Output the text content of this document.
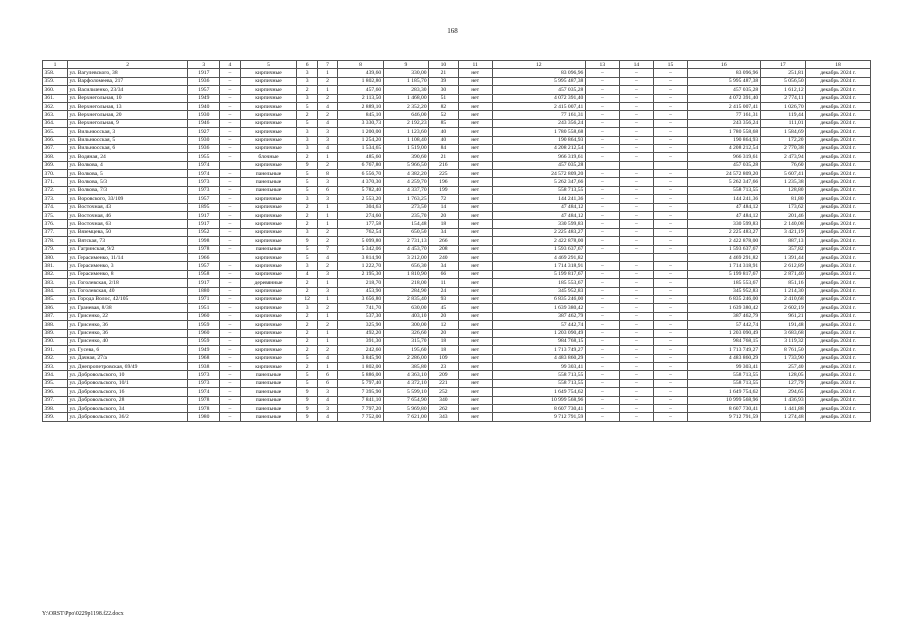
168
1	2	3	4	5	6	7	8	9	10	11	12	13	14	15	16	17	18
358.	ул. Вагулевского, 38	1917	–	кирпичные	3	1	439,60	330,00	21	нет	83 096,96	–	–	–	83 096,96	251,81	декабрь 2024 г.
359.	ул. Варфоломеева, 217	1936	–	кирпичные	3	2	1 802,80	1 185,70	39	нет	5 995 487,38	–	–	–	5 995 487,38	5 056,50	декабрь 2024 г.
360.	ул. Васильченко, 23/34	1957	–	кирпичные	2	1	457,60	283,30	30	нет	457 035,28	–	–	–	457 035,28	1 612,12	декабрь 2024 г.
361.	ул. Верхнегольная, 10	1949	–	кирпичные	3	2	2 113,50	1 468,00	51	нет	4 072 391,40	–	–	–	4 072 391,40	2 774,11	декабрь 2024 г.
362.	ул. Верхнегольная, 13	1940	–	кирпичные	5	4	2 889,10	2 352,20	82	нет	2 415 007,41	–	–	–	2 415 007,41	1 026,70	декабрь 2024 г.
363.	ул. Верхнегольная, 20	1930	–	кирпичные	2	2	845,10	646,00	52	нет	77 161,31	–	–	–	77 161,31	119,44	декабрь 2024 г.
364.	ул. Верхнегольная, 9	1946	–	кирпичные	5	4	3 330,73	2 192,23	85	нет	243 356,24	–	–	–	243 356,24	111,01	декабрь 2024 г.
365.	ул. Вильнюсская, 3	1927	–	кирпичные	3	3	1 200,00	1 123,60	40	нет	1 780 558,68	–	–	–	1 780 558,68	1 584,69	декабрь 2024 г.
366.	ул. Вильнюсская, 5	1930	–	кирпичные	3	3	1 254,20	1 108,40	40	нет	190 864,93	–	–	–	190 864,93	172,20	декабрь 2024 г.
367.	ул. Вильнюсская, 6	1936	–	кирпичные	3	4	1 534,65	1 519,00	84	нет	4 208 212,54	–	–	–	4 208 212,54	2 770,38	декабрь 2024 г.
368.	ул. Водяная, 24	1955	–	блочные	2	1	485,60	390,60	21	нет	966 319,61	–	–	–	966 319,61	2 473,94	декабрь 2024 г.
369.	ул. Волкова, 4	1974		кирпичные	9	2	6 767,80	5 966,50	216	нет	457 035,28				457 035,28	76,60	декабрь 2024 г.
370.	ул. Волкова, 5	1974	–	панельные	5	8	6 556,70	4 382,20	225	нет	24 572 809,20	–	–	–	24 572 809,20	5 607,41	декабрь 2024 г.
371.	ул. Волкова, 5/3	1973	–	панельные	5	3	4 370,30	4 259,70	196	нет	5 262 347,66	–	–	–	5 262 347,66	1 235,38	декабрь 2024 г.
372.	ул. Волкова, 7/3	1973	–	панельные	5	6	5 782,40	4 337,70	199	нет	558 713,55	–	–	–	558 713,55	128,80	декабрь 2024 г.
373.	ул. Воровского, 33/109	1957	–	кирпичные	3	3	2 553,20	1 763,25	72	нет	144 241,36	–	–	–	144 241,36	81,80	декабрь 2024 г.
374.	ул. Восточная, 43	1895	–	кирпичные	2	1	304,63	273,50	14	нет	47 484,12	–	–	–	47 484,12	173,62	декабрь 2024 г.
375.	ул. Восточная, 46	1917	–	кирпичные	2	1	274,60	235,70	20	нет	47 484,12	–	–	–	47 484,12	201,46	декабрь 2024 г.
376.	ул. Восточная, 63	1917	–	кирпичные	2	1	177,58	154,48	18	нет	330 599,83	–	–	–	330 599,83	2 140,08	декабрь 2024 г.
377.	ул. Вяземцева, 50	1952	–	кирпичные	3	2	762,54	650,50	34	нет	2 225 483,27	–	–	–	2 225 483,27	3 421,19	декабрь 2024 г.
378.	ул. Вятская, 73	1998	–	кирпичные	9	2	5 099,80	2 731,13	266	нет	2 422 878,00	–	–	–	2 422 878,00	887,13	декабрь 2024 г.
379.	ул. Гагринская, 9/2	1978	–	панельные	5	7	5 342,06	4 453,70	208	нет	1 593 637,67	–	–	–	1 593 637,67	357,82	декабрь 2024 г.
380.	ул. Герасименко, 11/14	1966		кирпичные	5	4	3 814,90	3 212,00	240	нет	4 469 291,82				4 469 291,82	1 391,44	декабрь 2024 г.
381.	ул. Герасименко, 3	1957	–	кирпичные	3	2	1 222,70	656,30	34	нет	1 714 318,91	–	–	–	1 714 318,91	2 612,89	декабрь 2024 г.
382.	ул. Герасименко, 8	1958	–	кирпичные	4	3	2 195,30	1 810,90	66	нет	5 199 817,67	–	–	–	5 199 817,67	2 871,40	декабрь 2024 г.
383.	ул. Гоголевская, 2/18	1917	–	деревянные	2	1	218,70	218,00	11	нет	185 553,67	–	–	–	185 553,67	851,16	декабрь 2024 г.
384.	ул. Гоголевская, 40	1880	–	кирпичные	2	3	453,90	284,90	24	нет	345 952,83	–	–	–	345 952,83	1 214,30	декабрь 2024 г.
385.	ул. Города Волос, 42/105	1971	–	кирпичные	12	1	3 656,80	2 835,40	93	нет	6 835 246,00	–	–	–	6 835 246,00	2 410,68	декабрь 2024 г.
386.	ул. Граневая, 8/38	1951	–	кирпичные	3	2	741,70	630,00	45	нет	1 639 380,42	–	–	–	1 639 380,42	2 602,19	декабрь 2024 г.
387.	ул. Грисенко, 22	1960	–	кирпичные	2	1	537,30	403,10	20	нет	387 462,79	–	–	–	387 462,79	961,21	декабрь 2024 г.
388.	ул. Грисенко, 36	1959	–	кирпичные	2	2	325,90	300,00	12	нет	57 442,74	–	–	–	57 442,74	191,48	декабрь 2024 г.
389.	ул. Грисенко, 36	1960	–	кирпичные	2	1	492,20	326,60	20	нет	1 203 090,49	–	–	–	1 203 090,49	3 683,68	декабрь 2024 г.
390.	ул. Грисенко, 40	1959	–	кирпичные	2	1	391,30	315,70	18	нет	984 768,15	–	–	–	984 768,15	3 119,32	декабрь 2024 г.
391.	ул. Гусева, 6	1949	–	кирпичные	2	2	242,60	195,60	18	нет	1 713 749,27	–	–	–	1 713 749,27	8 761,50	декабрь 2024 г.
392.	ул. Дачная, 27/а	1968	–	кирпичные	5	4	3 845,90	2 286,00	109	нет	4 483 860,29	–	–	–	4 483 860,29	1 733,90	декабрь 2024 г.
393.	ул. Днепропетровская, 69/49	1938	–	кирпичные	2	1	1 802,00	385,80	23	нет	99 303,41	–	–	–	99 303,41	257,40	декабрь 2024 г.
394.	ул. Добровольского, 10	1973	–	панельные	5	6	5 886,00	4 363,10	209	нет	558 713,55	–	–	–	558 713,55	128,05	декабрь 2024 г.
395.	ул. Добровольского, 10/1	1973	–	панельные	5	6	5 797,40	4 372,10	221	нет	558 713,55	–	–	–	558 713,55	127,79	декабрь 2024 г.
396.	ул. Добровольского, 16	1974	–	панельные	9	3	7 395,90	5 599,10	252	нет	1 649 754,62	–	–	–	1 649 754,62	294,65	декабрь 2024 г.
397.	ул. Добровольского, 28	1978	–	панельные	9	4	7 841,10	7 654,90	340	нет	10 999 568,96	–	–	–	10 999 568,96	1 436,93	декабрь 2024 г.
398.	ул. Добровольского, 34	1978	–	панельные	9	3	7 797,20	5 969,80	262	нет	8 607 730,41	–	–	–	8 607 730,41	1 441,88	декабрь 2024 г.
399.	ул. Добровольского, 36/2	1980	–	панельные	9	4	7 752,00	7 621,00	343	нет	9 712 791,59	–	–	–	9 712 791,59	1 274,48	декабрь 2024 г.
Y:\ORST\Ppo\0229p1198.f22.docx
